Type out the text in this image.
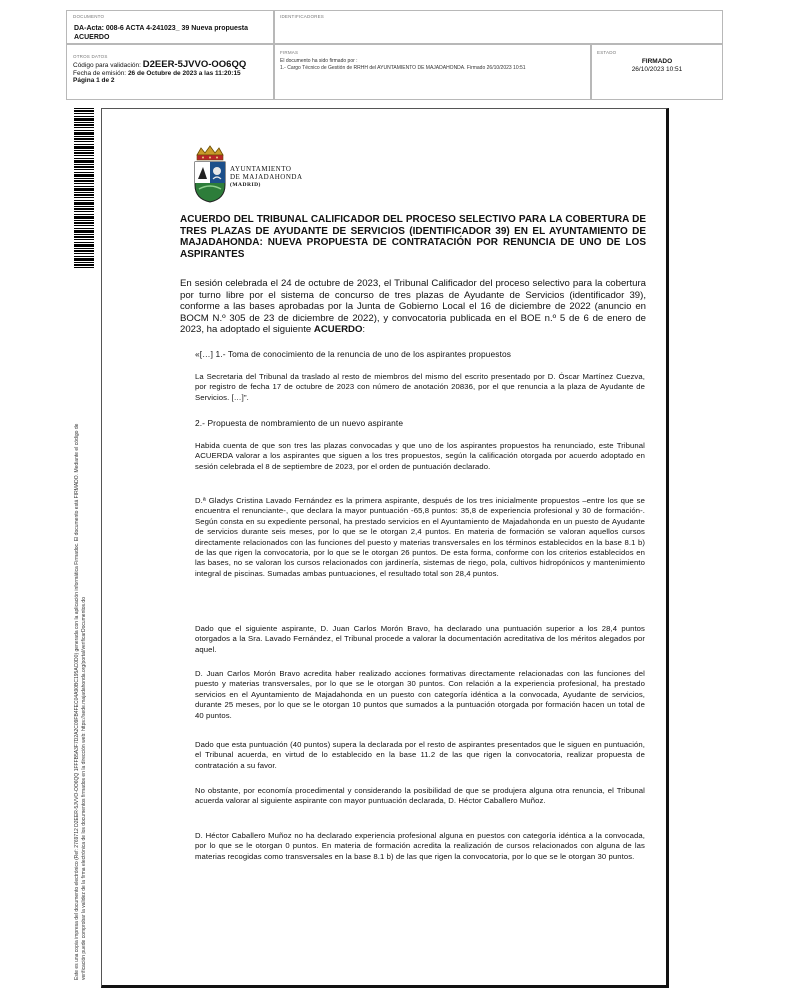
DOCUMENTO
DA-Acta: 008-6 ACTA 4-241023_ 39 Nueva propuesta ACUERDO
IDENTIFICADORES
OTROS DATOS
Código para validación: D2EER-5JVVO-OO6QQ
Fecha de emisión: 26 de Octubre de 2023 a las 11:20:15
Página 1 de 2
FIRMAS
El documento ha sido firmado por :
1.- Cargo Técnico de Gestión de RRHH del AYUNTAMIENTO DE MAJADAHONDA. Firmado 26/10/2023 10:51
ESTADO
FIRMADO
26/10/2023 10:51
Este es una copia impresa del documento electrónico (Ref: 2769712 D2EER-5JVVO-OO6QQ 1FFFB5A3F7D2A2C09FB4FEC04A90BC195AC0D0) generada con la aplicación informática Firmadoc. El documento está FIRMADO. Mediante el código de verificación puede comprobar la validez de la firma electrónica de los documentos firmados en la dirección web: https://sede.majadahonda.org/portal/verificarDocumentos.do
AYUNTAMIENTO
DE MAJADAHONDA
(MADRID)
ACUERDO DEL TRIBUNAL CALIFICADOR DEL PROCESO SELECTIVO PARA LA COBERTURA DE TRES PLAZAS DE AYUDANTE DE SERVICIOS (IDENTIFICADOR 39) EN EL AYUNTAMIENTO DE MAJADAHONDA: NUEVA PROPUESTA DE CONTRATACIÓN POR RENUNCIA DE UNO DE LOS ASPIRANTES
En sesión celebrada el 24 de octubre de 2023, el Tribunal Calificador del proceso selectivo para la cobertura por turno libre por el sistema de concurso de tres plazas de Ayudante de Servicios (identificador 39), conforme a las bases aprobadas por la Junta de Gobierno Local el 16 de diciembre de 2022 (anuncio en BOCM N.º 305 de 23 de diciembre de 2022), y convocatoria publicada en el BOE n.º 5 de 6 de enero de 2023, ha adoptado el siguiente ACUERDO:
«[…] 1.- Toma de conocimiento de la renuncia de uno de los aspirantes propuestos
La Secretaria del Tribunal da traslado al resto de miembros del mismo del escrito presentado por D. Óscar Martínez Cuezva, por registro de fecha 17 de octubre de 2023 con número de anotación 20836, por el que renuncia a la plaza de Ayudante de Servicios. […]".
2.- Propuesta de nombramiento de un nuevo aspirante
Habida cuenta de que son tres las plazas convocadas y que uno de los aspirantes propuestos ha renunciado, este Tribunal ACUERDA valorar a los aspirantes que siguen a los tres propuestos, según la calificación otorgada por acuerdo adoptado en sesión celebrada el 8 de septiembre de 2023, por el orden de puntuación declarado.
D.ª Gladys Cristina Lavado Fernández es la primera aspirante, después de los tres inicialmente propuestos –entre los que se encuentra el renunciante-, que declara la mayor puntuación -65,8 puntos: 35,8 de experiencia profesional y 30 de formación-. Según consta en su expediente personal, ha prestado servicios en el Ayuntamiento de Majadahonda en un puesto de Ayudante de servicios durante seis meses, por lo que se le otorgan 2,4 puntos. En materia de formación se valoran aquellos cursos directamente relacionados con las funciones del puesto y materias transversales en los términos establecidos en la base 8.1 b) de las que rigen la convocatoria, por lo que se le otorgan 26 puntos. De esta forma, conforme con los criterios establecidos en las bases, no se valoran los cursos relacionados con jardinería, sistemas de riego, pola, cultivos hidropónicos y mantenimiento integral de piscinas. Sumadas ambas puntuaciones, el resultado total son 28,4 puntos.
Dado que el siguiente aspirante, D. Juan Carlos Morón Bravo, ha declarado una puntuación superior a los 28,4 puntos otorgados a la Sra. Lavado Fernández, el Tribunal procede a valorar la documentación acreditativa de los méritos alegados por aquel.
D. Juan Carlos Morón Bravo acredita haber realizado acciones formativas directamente relacionadas con las funciones del puesto y materias transversales, por lo que se le otorgan 30 puntos. Con relación a la experiencia profesional, ha prestado servicios en el Ayuntamiento de Majadahonda en un puesto con categoría idéntica a la convocada, Ayudante de servicios, durante 25 meses, por lo que se le otorgan 10 puntos que sumados a la puntuación otorgada por formación hacen un total de 40 puntos.
Dado que esta puntuación (40 puntos) supera la declarada por el resto de aspirantes presentados que le siguen en puntuación, el Tribunal acuerda, en virtud de lo establecido en la base 11.2 de las que rigen la convocatoria, realizar propuesta de contratación a su favor.
No obstante, por economía procedimental y considerando la posibilidad de que se produjera alguna otra renuncia, el Tribunal acuerda valorar al siguiente aspirante con mayor puntuación declarada, D. Héctor Caballero Muñoz.
D. Héctor Caballero Muñoz no ha declarado experiencia profesional alguna en puestos con categoría idéntica a la convocada, por lo que se le otorgan 0 puntos. En materia de formación acredita la realización de cursos relacionados con alguna de las materias recogidas como transversales en la base 8.1 b) de las que rigen la convocatoria, por lo que se le otorgan 30 puntos.
